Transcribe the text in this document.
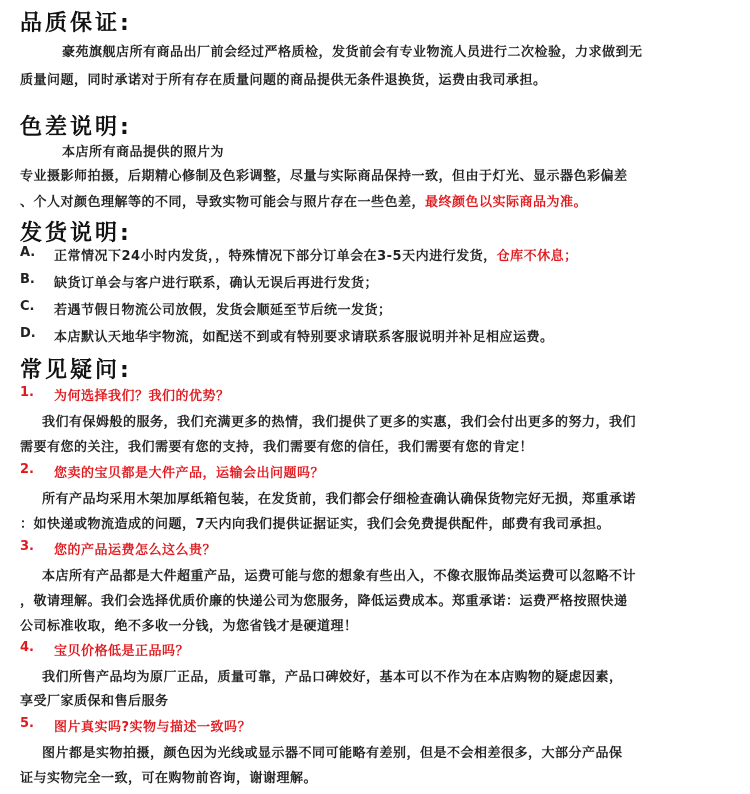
品质保证:
豪苑旗舰店所有商品出厂前会经过严格质检，发货前会有专业物流人员进行二次检验，力求做到无
质量问题，同时承诺对于所有存在质量问题的商品提供无条件退换货，运费由我司承担。
色差说明:
本店所有商品提供的照片为
专业摄影师拍摄，后期精心修制及色彩调整，尽量与实际商品保持一致，但由于灯光、显示器色彩偏差
、个人对颜色理解等的不同，导致实物可能会与照片存在一些色差，最终颜色以实际商品为准。
发货说明:
A. 正常情况下24小时内发货，，特殊情况下部分订单会在3-5天内进行发货，仓库不休息；
B. 缺货订单会与客户进行联系，确认无误后再进行发货；
C. 若遇节假日物流公司放假，发货会顺延至节后统一发货；
D. 本店默认天地华宇物流，如配送不到或有特别要求请联系客服说明并补足相应运费。
常见疑问:
1. 为何选择我们？我们的优势？
我们有保姆般的服务，我们充满更多的热情，我们提供了更多的实惠，我们会付出更多的努力，我们
需要有您的关注，我们需要有您的支持，我们需要有您的信任，我们需要有您的肯定！
2. 您卖的宝贝都是大件产品，运输会出问题吗？
所有产品均采用木架加厚纸箱包装，在发货前，我们都会仔细检查确认确保货物完好无损，郑重承诺
：如快递或物流造成的问题，7天内向我们提供证据证实，我们会免费提供配件，邮费有我司承担。
3. 您的产品运费怎么这么贵？
本店所有产品都是大件超重产品，运费可能与您的想象有些出入，不像衣服饰品类运费可以忽略不计
，敬请理解。我们会选择优质价廉的快递公司为您服务，降低运费成本。郑重承诺：运费严格按照快递
公司标准收取，绝不多收一分钱，为您省钱才是硬道理！
4. 宝贝价格低是正品吗？
我们所售产品均为原厂正品，质量可靠，产品口碑姣好，基本可以不作为在本店购物的疑虑因素，
享受厂家质保和售后服务
5. 图片真实吗?实物与描述一致吗？
图片都是实物拍摄，颜色因为光线或显示器不同可能略有差别，但是不会相差很多，大部分产品保
证与实物完全一致，可在购物前咨询，谢谢理解。
